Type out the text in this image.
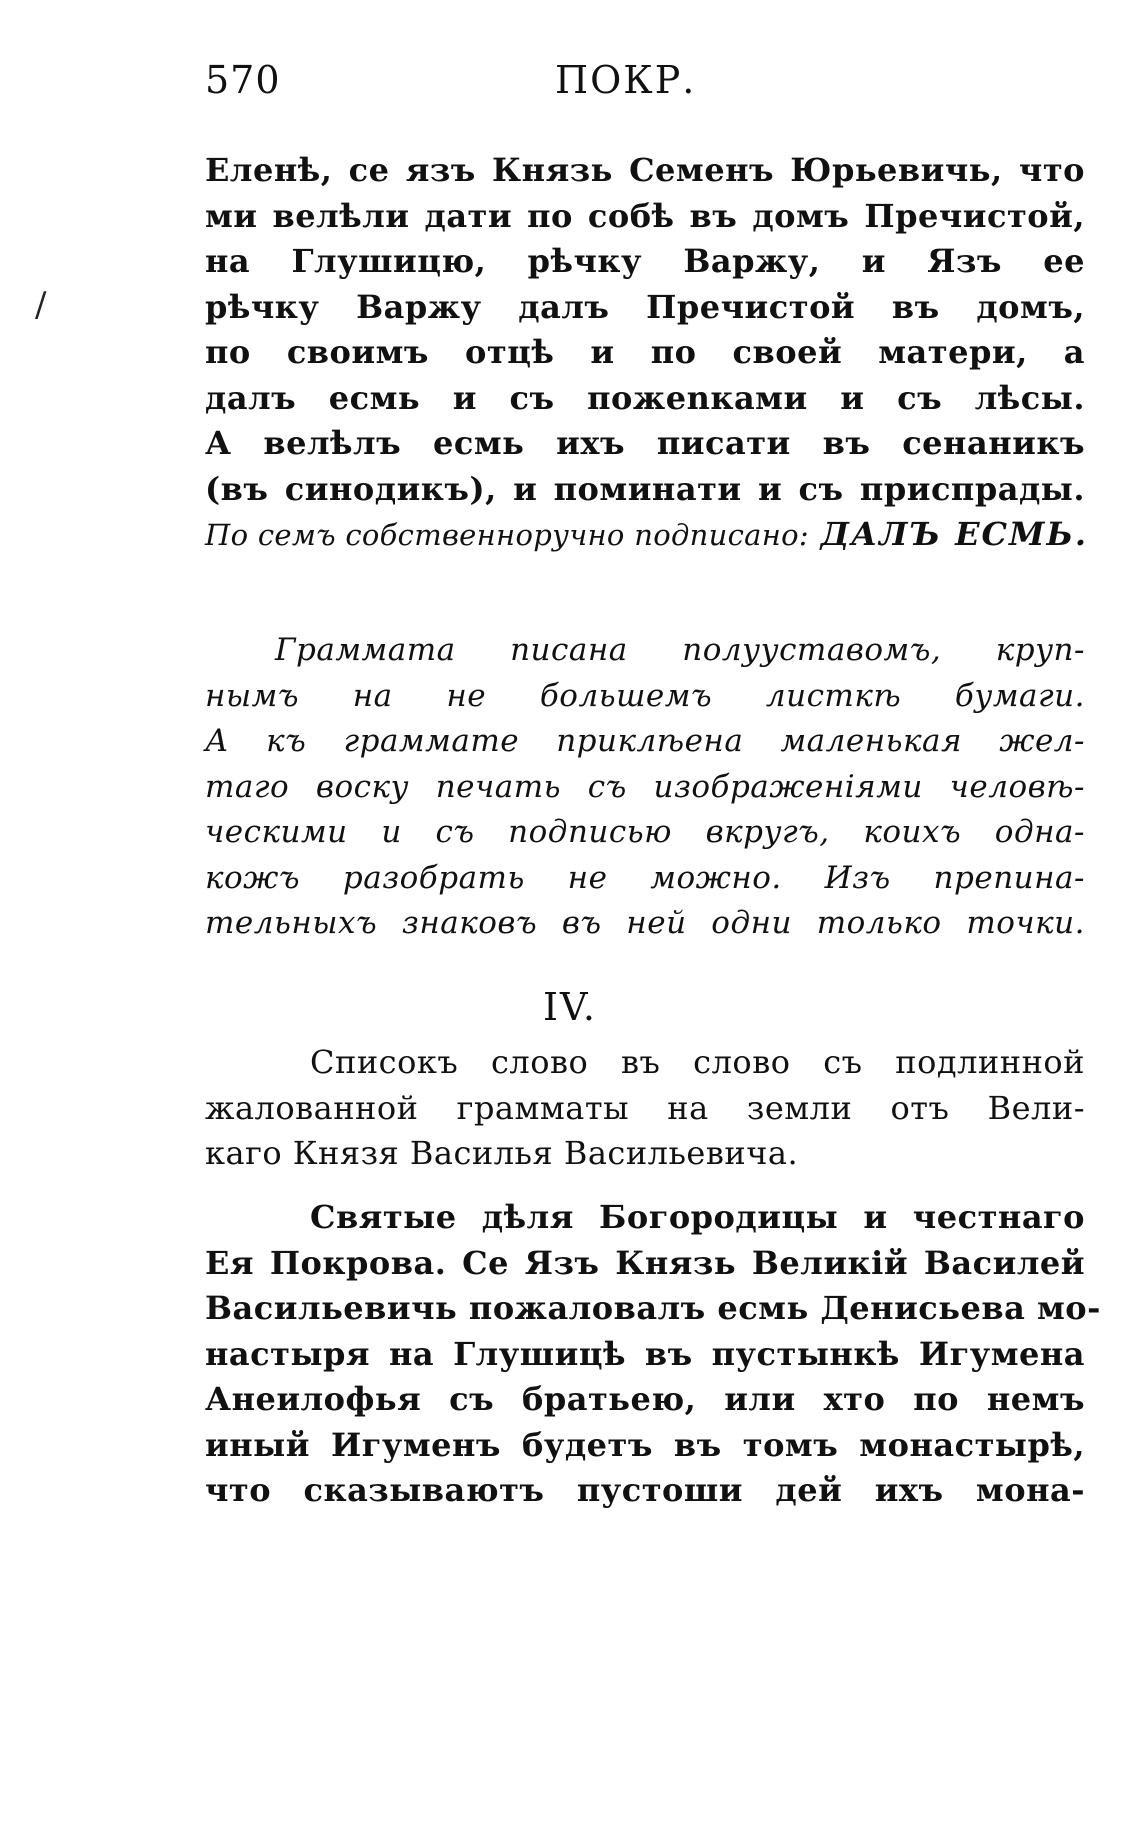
570	ПОКР.
/
Еленѣ, се язъ Князь Семенъ Юрьевичь, что
ми велѣли дати по собѣ въ домъ Пречистой,
на Глушицю, рѣчку Варжу, и Язъ ее
рѣчку Варжу далъ Пречистой въ домъ,
по своимъ отцѣ и по своей матери, а
далъ есмь и съ пожenками и съ лѣсы.
А велѣлъ есмь ихъ писати въ сенаникъ
(въ синодикъ), и поминати и съ приспрады.
По семъ собственноручно подписано: ДАЛЪ ЕСМЬ.
Граммата писана полууставомъ, круп-
нымъ на не большемъ листкѣ бумаги.
А къ граммате приклѣена маленькая жел-
таго воску печать съ изображеніями человѣ-
ческими и съ подписью вкругъ, коихъ одна-
кожъ разобрать не можно. Изъ препина-
тельныхъ знаковъ въ ней одни только точки.
IV.
Списокъ слово въ слово съ подлинной
жалованной граммaты на земли отъ Вели-
каго Князя Василья Васильевича.
Святые дѣля Богородицы и честнаго
Ея Покрова. Се Язъ Князь Великій Василей
Васильевичь пожаловалъ есмь Денисьева мо-
настыря на Глушицѣ въ пустынкѣ Игумена
Анеилофья съ братьею, или хто по немъ
иный Игуменъ будетъ въ томъ монастырѣ,
что сказываютъ пустоши дей ихъ мона-
